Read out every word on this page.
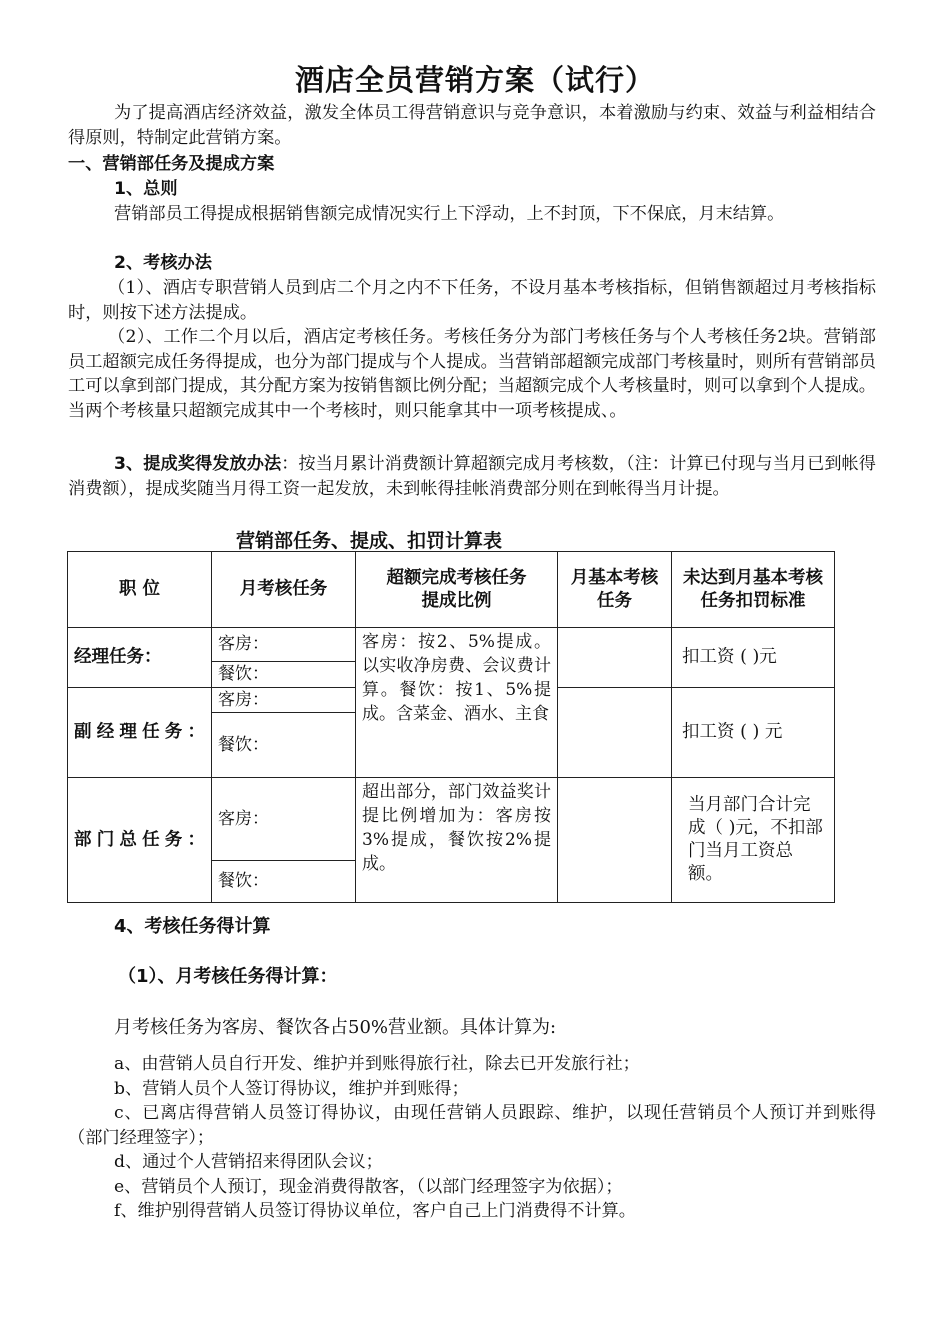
酒店全员营销方案（试行）

为了提高酒店经济效益，激发全体员工得营销意识与竞争意识，本着激励与约束、效益与利益相结合得原则，特制定此营销方案。

一、营销部任务及提成方案

1、总则

营销部员工得提成根据销售额完成情况实行上下浮动，上不封顶，下不保底，月末结算。

2、考核办法

（1）、酒店专职营销人员到店二个月之内不下任务，不设月基本考核指标，但销售额超过月考核指标时，则按下述方法提成。

（2）、工作二个月以后，酒店定考核任务。考核任务分为部门考核任务与个人考核任务2块。营销部员工超额完成任务得提成，也分为部门提成与个人提成。当营销部超额完成部门考核量时，则所有营销部员工可以拿到部门提成，其分配方案为按销售额比例分配；当超额完成个人考核量时，则可以拿到个人提成。当两个考核量只超额完成其中一个考核时，则只能拿其中一项考核提成、。

3、提成奖得发放办法：按当月累计消费额计算超额完成月考核数，（注：计算已付现与当月已到帐得消费额），提成奖随当月得工资一起发放，未到帐得挂帐消费部分则在到帐得当月计提。

营销部任务、提成、扣罚计算表
职 位	月考核任务	超额完成考核任务提成比例	月基本考核任务	未达到月基本考核任务扣罚标准
经理任务：	客房：	客房：按2、5%提成。以实收净房费、会议费计算。餐饮：按1、5%提成。含菜金、酒水、主食		扣工资 ( )元
	餐饮：			
副经理任务：	客房：			扣工资 ( ) 元
	餐饮：			
部门总任务：	客房：	超出部分，部门效益奖计提比例增加为：客房按3%提成，餐饮按2%提成。		当月部门合计完成（ )元，不扣部门当月工资总额。
	餐饮：			

4、考核任务得计算

（1）、月考核任务得计算：

月考核任务为客房、餐饮各占50%营业额。具体计算为:

a、由营销人员自行开发、维护并到账得旅行社，除去已开发旅行社；

b、营销人员个人签订得协议，维护并到账得；

c、已离店得营销人员签订得协议，由现任营销人员跟踪、维护，以现任营销员个人预订并到账得（部门经理签字）；

d、通过个人营销招来得团队会议；

e、营销员个人预订，现金消费得散客，（以部门经理签字为依据）；

f、维护别得营销人员签订得协议单位，客户自己上门消费得不计算。
